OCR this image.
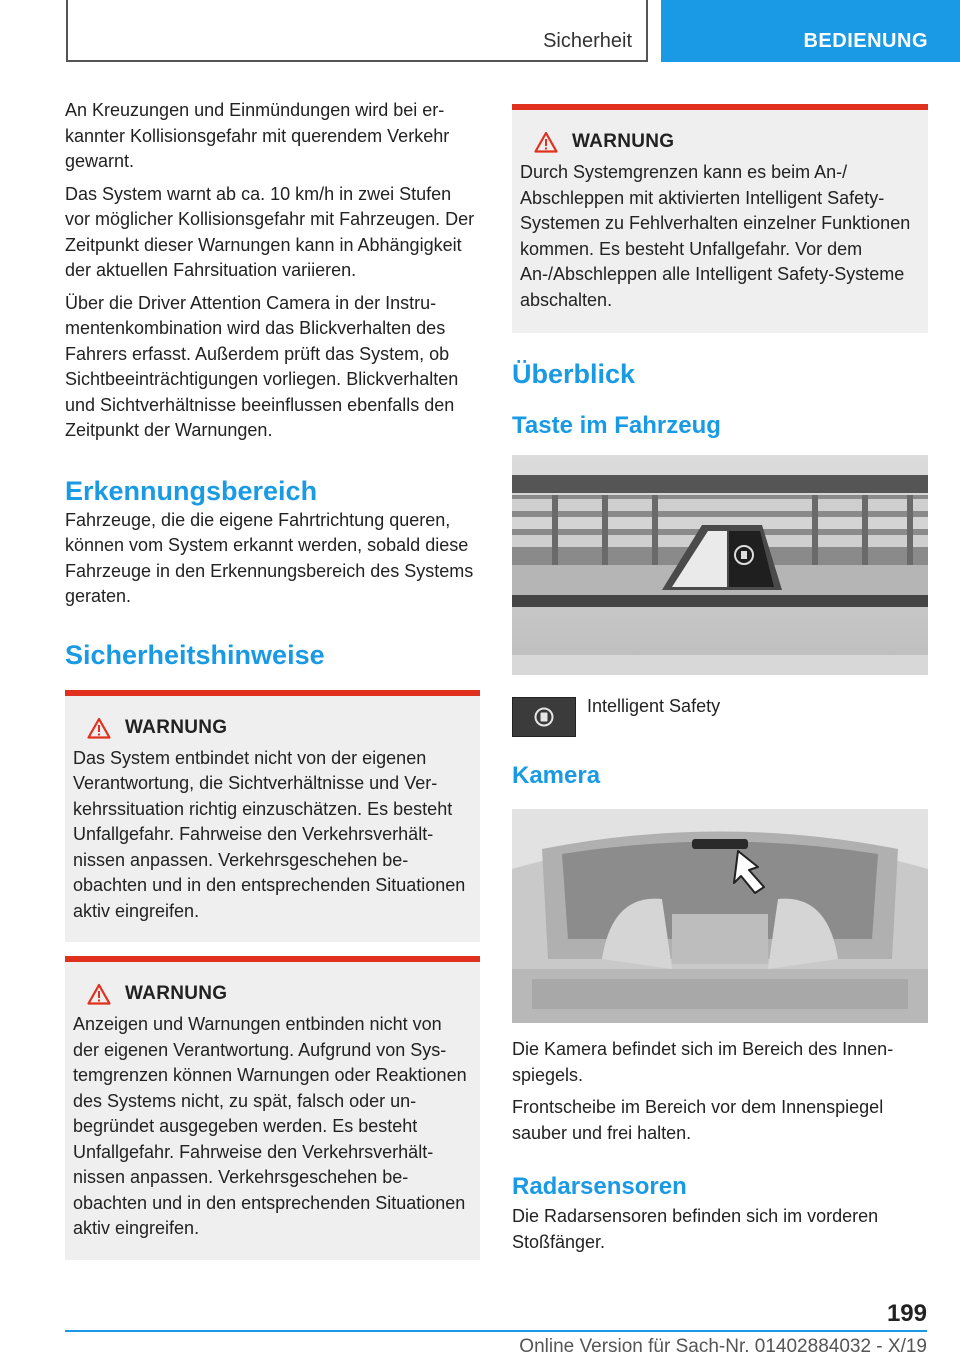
Sicherheit	BEDIENUNG

An Kreuzungen und Einmündungen wird bei erkannter Kollisionsgefahr mit querendem Verkehr gewarnt.

Das System warnt ab ca. 10 km/h in zwei Stufen vor möglicher Kollisionsgefahr mit Fahrzeugen. Der Zeitpunkt dieser Warnungen kann in Abhängigkeit der aktuellen Fahrsituation variieren.

Über die Driver Attention Camera in der Instrumentenkombination wird das Blickverhalten des Fahrers erfasst. Außerdem prüft das System, ob Sichtbeeinträchtigungen vorliegen. Blickverhalten und Sichtverhältnisse beeinflussen ebenfalls den Zeitpunkt der Warnungen.

Erkennungsbereich

Fahrzeuge, die die eigene Fahrtrichtung queren, können vom System erkannt werden, sobald diese Fahrzeuge in den Erkennungsbereich des Systems geraten.

Sicherheitshinweise
WARNUNG

Das System entbindet nicht von der eigenen Verantwortung, die Sichtverhältnisse und Verkehrssituation richtig einzuschätzen. Es besteht Unfallgefahr. Fahrweise den Verkehrsverhältnissen anpassen. Verkehrsgeschehen beobachten und in den entsprechenden Situationen aktiv eingreifen.

WARNUNG

Anzeigen und Warnungen entbinden nicht von der eigenen Verantwortung. Aufgrund von Systemgrenzen können Warnungen oder Reaktionen des Systems nicht, zu spät, falsch oder unbegründet ausgegeben werden. Es besteht Unfallgefahr. Fahrweise den Verkehrsverhältnissen anpassen. Verkehrsgeschehen beobachten und in den entsprechenden Situationen aktiv eingreifen.

WARNUNG

Durch Systemgrenzen kann es beim An-/ Abschleppen mit aktivierten Intelligent Safety-Systemen zu Fehlverhalten einzelner Funktionen kommen. Es besteht Unfallgefahr. Vor dem An-/Abschleppen alle Intelligent Safety-Systeme abschalten.

Überblick
Taste im Fahrzeug

Intelligent Safety

Kamera

Die Kamera befindet sich im Bereich des Innenspiegels.

Frontscheibe im Bereich vor dem Innenspiegel sauber und frei halten.

Radarsensoren

Die Radarsensoren befinden sich im vorderen Stoßfänger.

199
Online Version für Sach-Nr. 01402884032 - X/19
